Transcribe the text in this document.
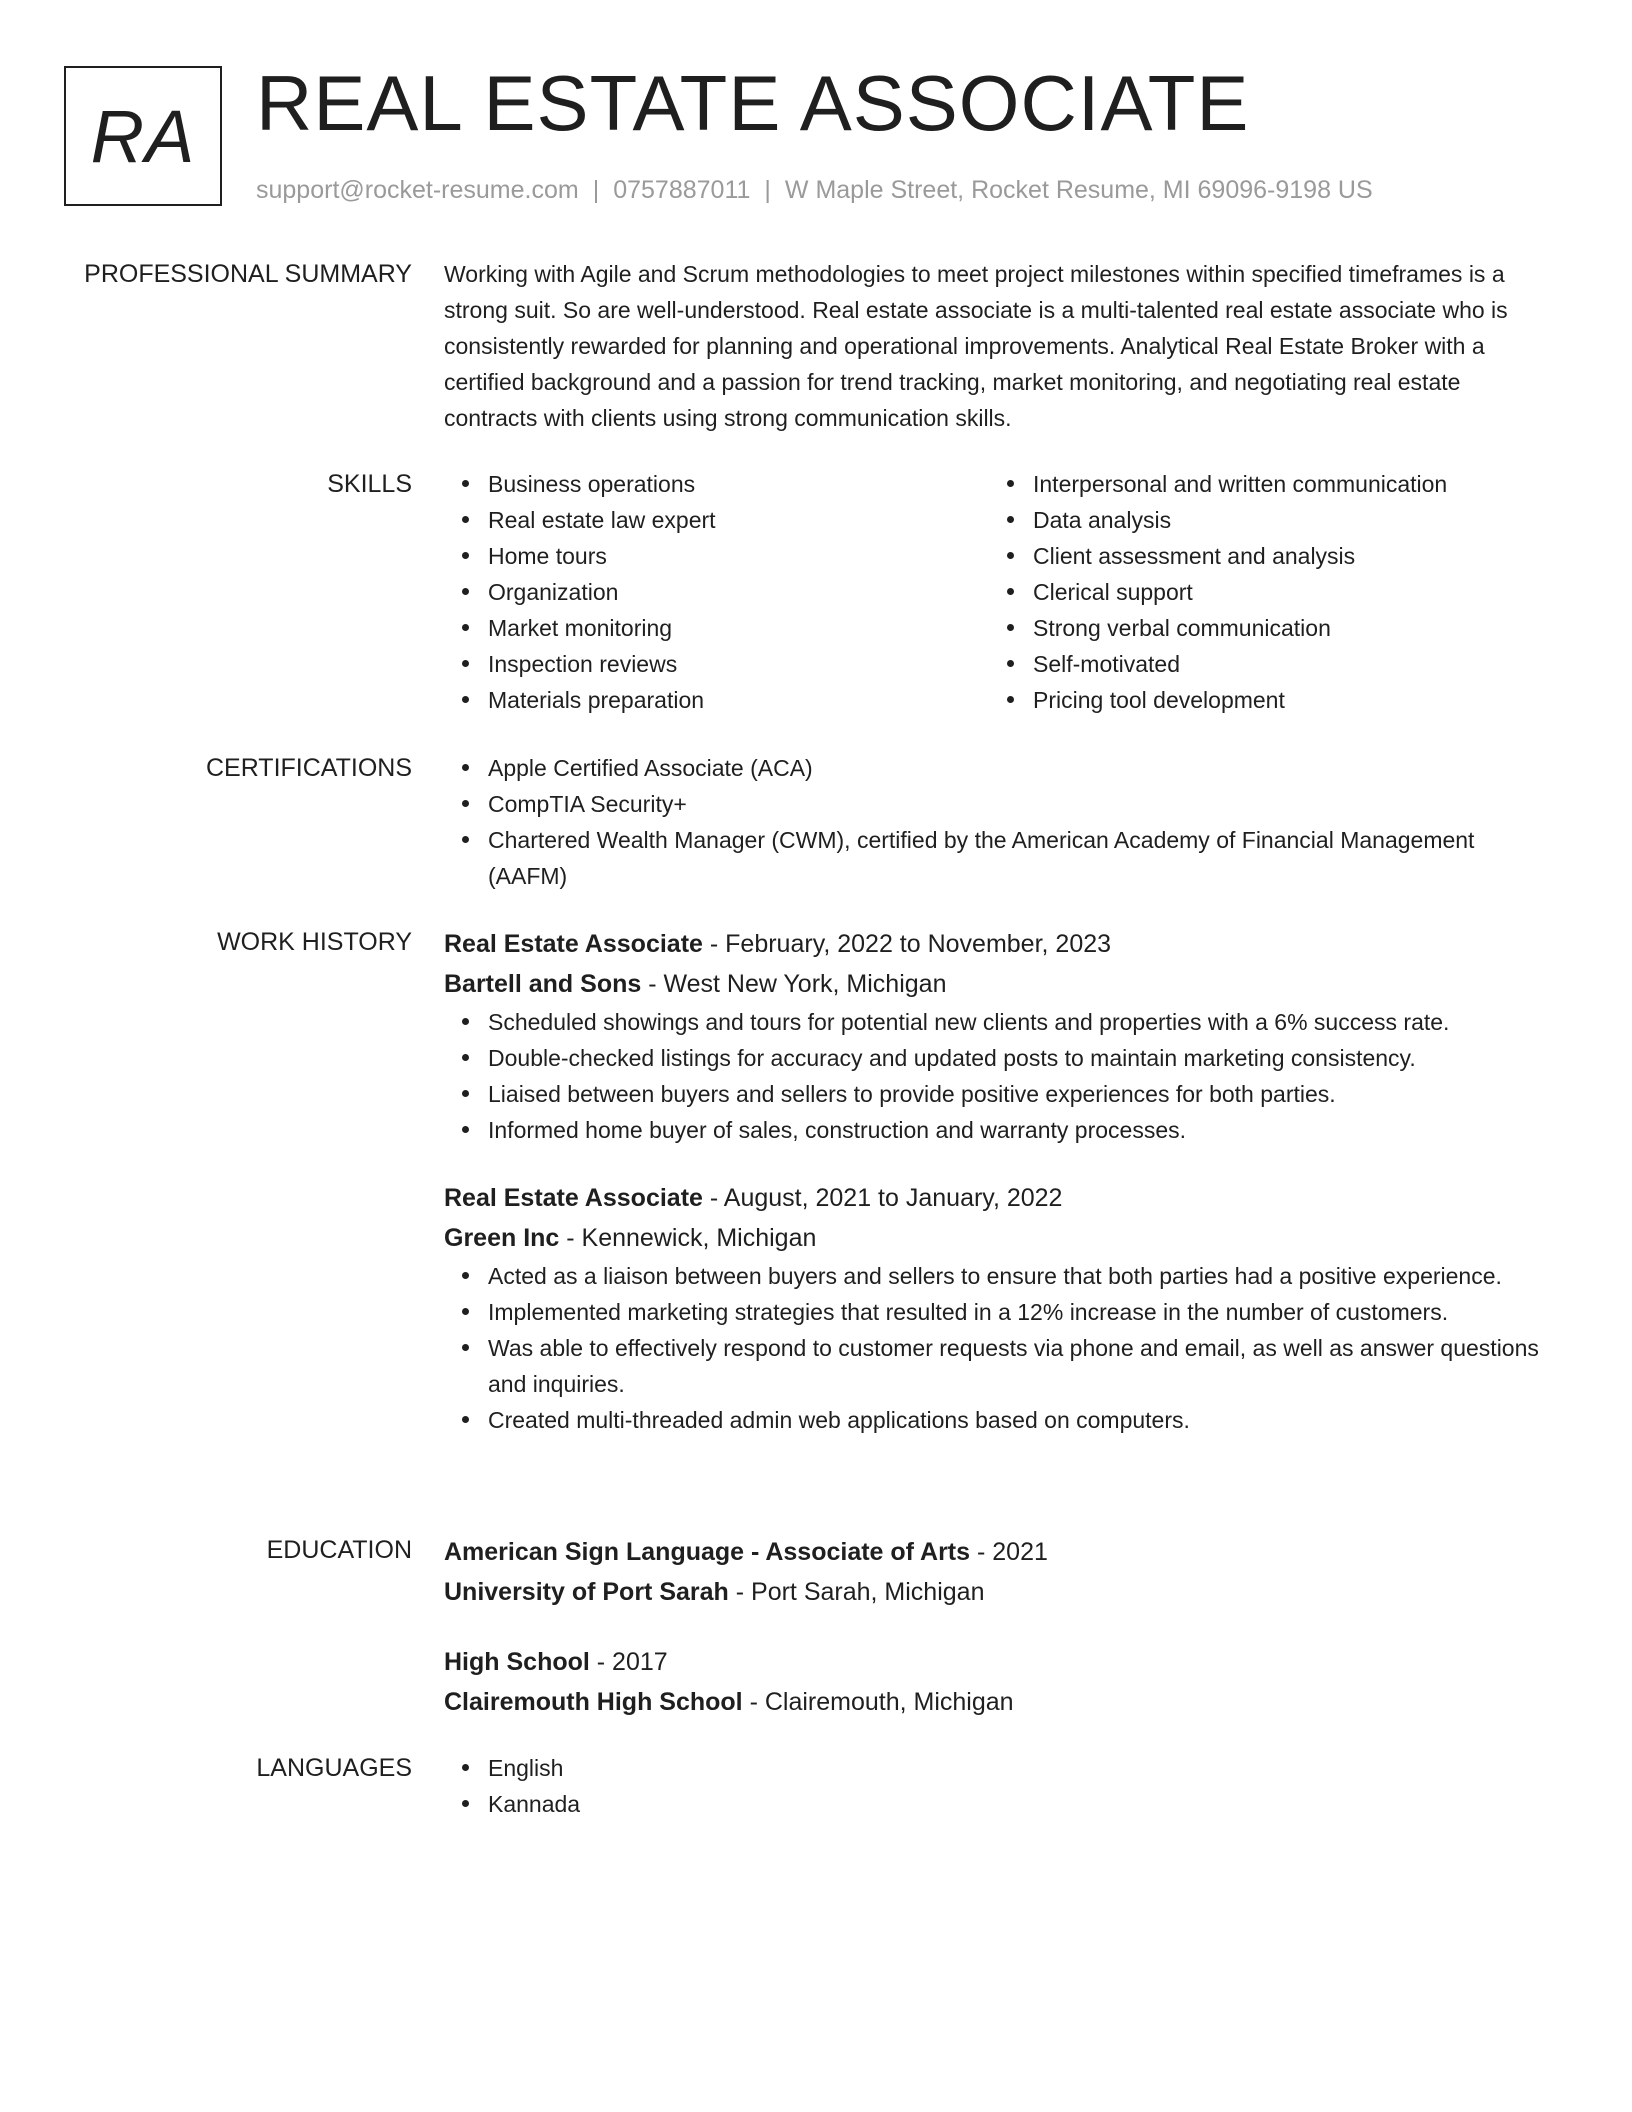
RA REAL ESTATE ASSOCIATE
support@rocket-resume.com | 0757887011 | W Maple Street, Rocket Resume, MI 69096-9198 US
PROFESSIONAL SUMMARY Working with Agile and Scrum methodologies to meet project milestones within specified timeframes is a strong suit. So are well-understood. Real estate associate is a multi-talented real estate associate who is consistently rewarded for planning and operational improvements. Analytical Real Estate Broker with a certified background and a passion for trend tracking, market monitoring, and negotiating real estate contracts with clients using strong communication skills.

SKILLS	Business operations
Real estate law expert
Home tours
Organization
Market monitoring
Inspection reviews
Materials preparation
Interpersonal and written communication
Data analysis
Client assessment and analysis
Clerical support
Strong verbal communication
Self-motivated
Pricing tool development
CERTIFICATIONS	Apple Certified Associate (ACA)
CompTIA Security+
Chartered Wealth Manager (CWM), certified by the American Academy of Financial Management (AAFM)
WORK HISTORY Real Estate Associate - February, 2022 to November, 2023

Bartell and Sons - West New York, Michigan

Scheduled showings and tours for potential new clients and properties with a 6% success rate.
Double-checked listings for accuracy and updated posts to maintain marketing consistency.
Liaised between buyers and sellers to provide positive experiences for both parties.
Informed home buyer of sales, construction and warranty processes.

Real Estate Associate - August, 2021 to January, 2022

Green Inc - Kennewick, Michigan

Acted as a liaison between buyers and sellers to ensure that both parties had a positive experience.
Implemented marketing strategies that resulted in a 12% increase in the number of customers.
Was able to effectively respond to customer requests via phone and email, as well as answer questions and inquiries.
Created multi-threaded admin web applications based on computers.
EDUCATION American Sign Language - Associate of Arts - 2021

University of Port Sarah - Port Sarah, Michigan

High School - 2017

Clairemouth High School - Clairemouth, Michigan

LANGUAGES	English
Kannada
